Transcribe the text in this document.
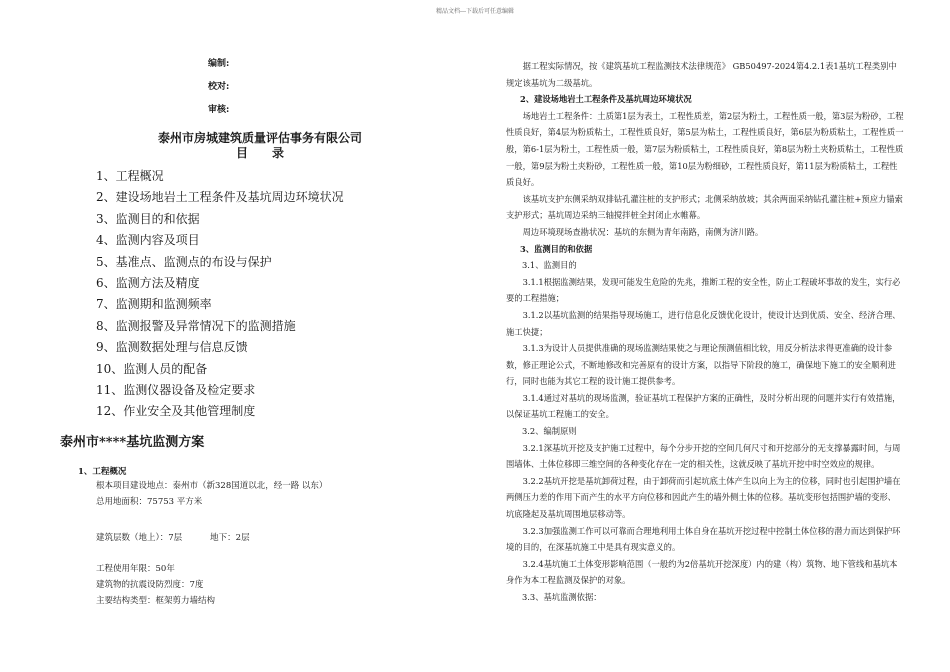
精品文档---下载后可任意编辑
编制:
校对:
审核:
泰州市房城建筑质量评估事务有限公司
目录
1、工程概况
2、建设场地岩土工程条件及基坑周边环境状况
3、监测目的和依据
4、监测内容及项目
5、基准点、监测点的布设与保护
6、监测方法及精度
7、监测期和监测频率
8、监测报警及异常情况下的监测措施
9、监测数据处理与信息反馈
10、监测人员的配备
11、监测仪器设备及检定要求
12、作业安全及其他管理制度
泰州市****基坑监测方案
1、工程概况
根本项目建设地点：泰州市（新328国道以北，经一路 以东）
总用地面积：75753 平方米
建筑层数（地上）：7层	地下：2层
工程使用年限：50年
建筑物的抗震设防烈度：7度
主要结构类型：框架剪力墙结构

据工程实际情况，按《建筑基坑工程监测技术法律规范》 GB50497-2024第4.2.1表1基坑工程类别中规定该基坑为二级基坑。

2、建设场地岩土工程条件及基坑周边环境状况

场地岩土工程条件：土质第1层为表土，工程性质差，第2层为粉土，工程性质一般，第3层为粉砂，工程性质良好，第4层为粉质粘土，工程性质良好，第5层为粘土，工程性质良好，第6层为粉质粘土，工程性质一般，第6-1层为粉土，工程性质一般，第7层为粉质粘土，工程性质良好，第8层为粉土夹粉质粘土，工程性质一般，第9层为粉土夹粉砂，工程性质一般，第10层为粉细砂，工程性质良好，第11层为粉质粘土，工程性质良好。

该基坑支护东侧采纳双排钻孔灌注桩的支护形式；北侧采纳放坡；其余两面采纳钻孔灌注桩+预应力锚索支护形式；基坑周边采纳三轴搅拌桩全封闭止水帷幕。

周边环境现场查勘状况：基坑的东侧为青年南路，南侧为济川路。

3、监测目的和依据
3.1、监测目的

3.1.1根据监测结果，发现可能发生危险的先兆，推断工程的安全性，防止工程破坏事故的发生，实行必要的工程措施；

3.1.2以基坑监测的结果指导现场施工，进行信息化反馈优化设计，使设计达到优质、安全、经济合理、施工快捷；

3.1.3为设计人员提供准确的现场监测结果使之与理论预测值相比较，用反分析法求得更准确的设计参数，修正理论公式，不断地修改和完善原有的设计方案，以指导下阶段的施工，确保地下施工的安全顺利进行，同时也能为其它工程的设计施工提供参考。

3.1.4通过对基坑的现场监测，验证基坑工程保护方案的正确性，及时分析出现的问题并实行有效措施，以保证基坑工程施工的安全。

3.2、编制原则

3.2.1深基坑开挖及支护施工过程中，每个分步开挖的空间几何尺寸和开挖部分的无支撑暴露时间，与周围墙体、土体位移即三维空间的各种变化存在一定的相关性，这就反映了基坑开挖中时空效应的规律。

3.2.2基坑开挖是基坑卸荷过程，由于卸荷而引起坑底土体产生以向上为主的位移，同时也引起围护墙在两侧压力差的作用下而产生的水平方向位移和因此产生的墙外侧土体的位移。基坑变形包括围护墙的变形、坑底隆起及基坑周围地层移动等。

3.2.3加强监测工作可以可靠而合理地利用土体自身在基坑开挖过程中控制土体位移的潜力而达到保护环境的目的，在深基坑施工中是具有现实意义的。

3.2.4基坑施工土体变形影响范围（一般约为2倍基坑开挖深度）内的建（构）筑物、地下管线和基坑本身作为本工程监测及保护的对象。

3.3、基坑监测依据：
